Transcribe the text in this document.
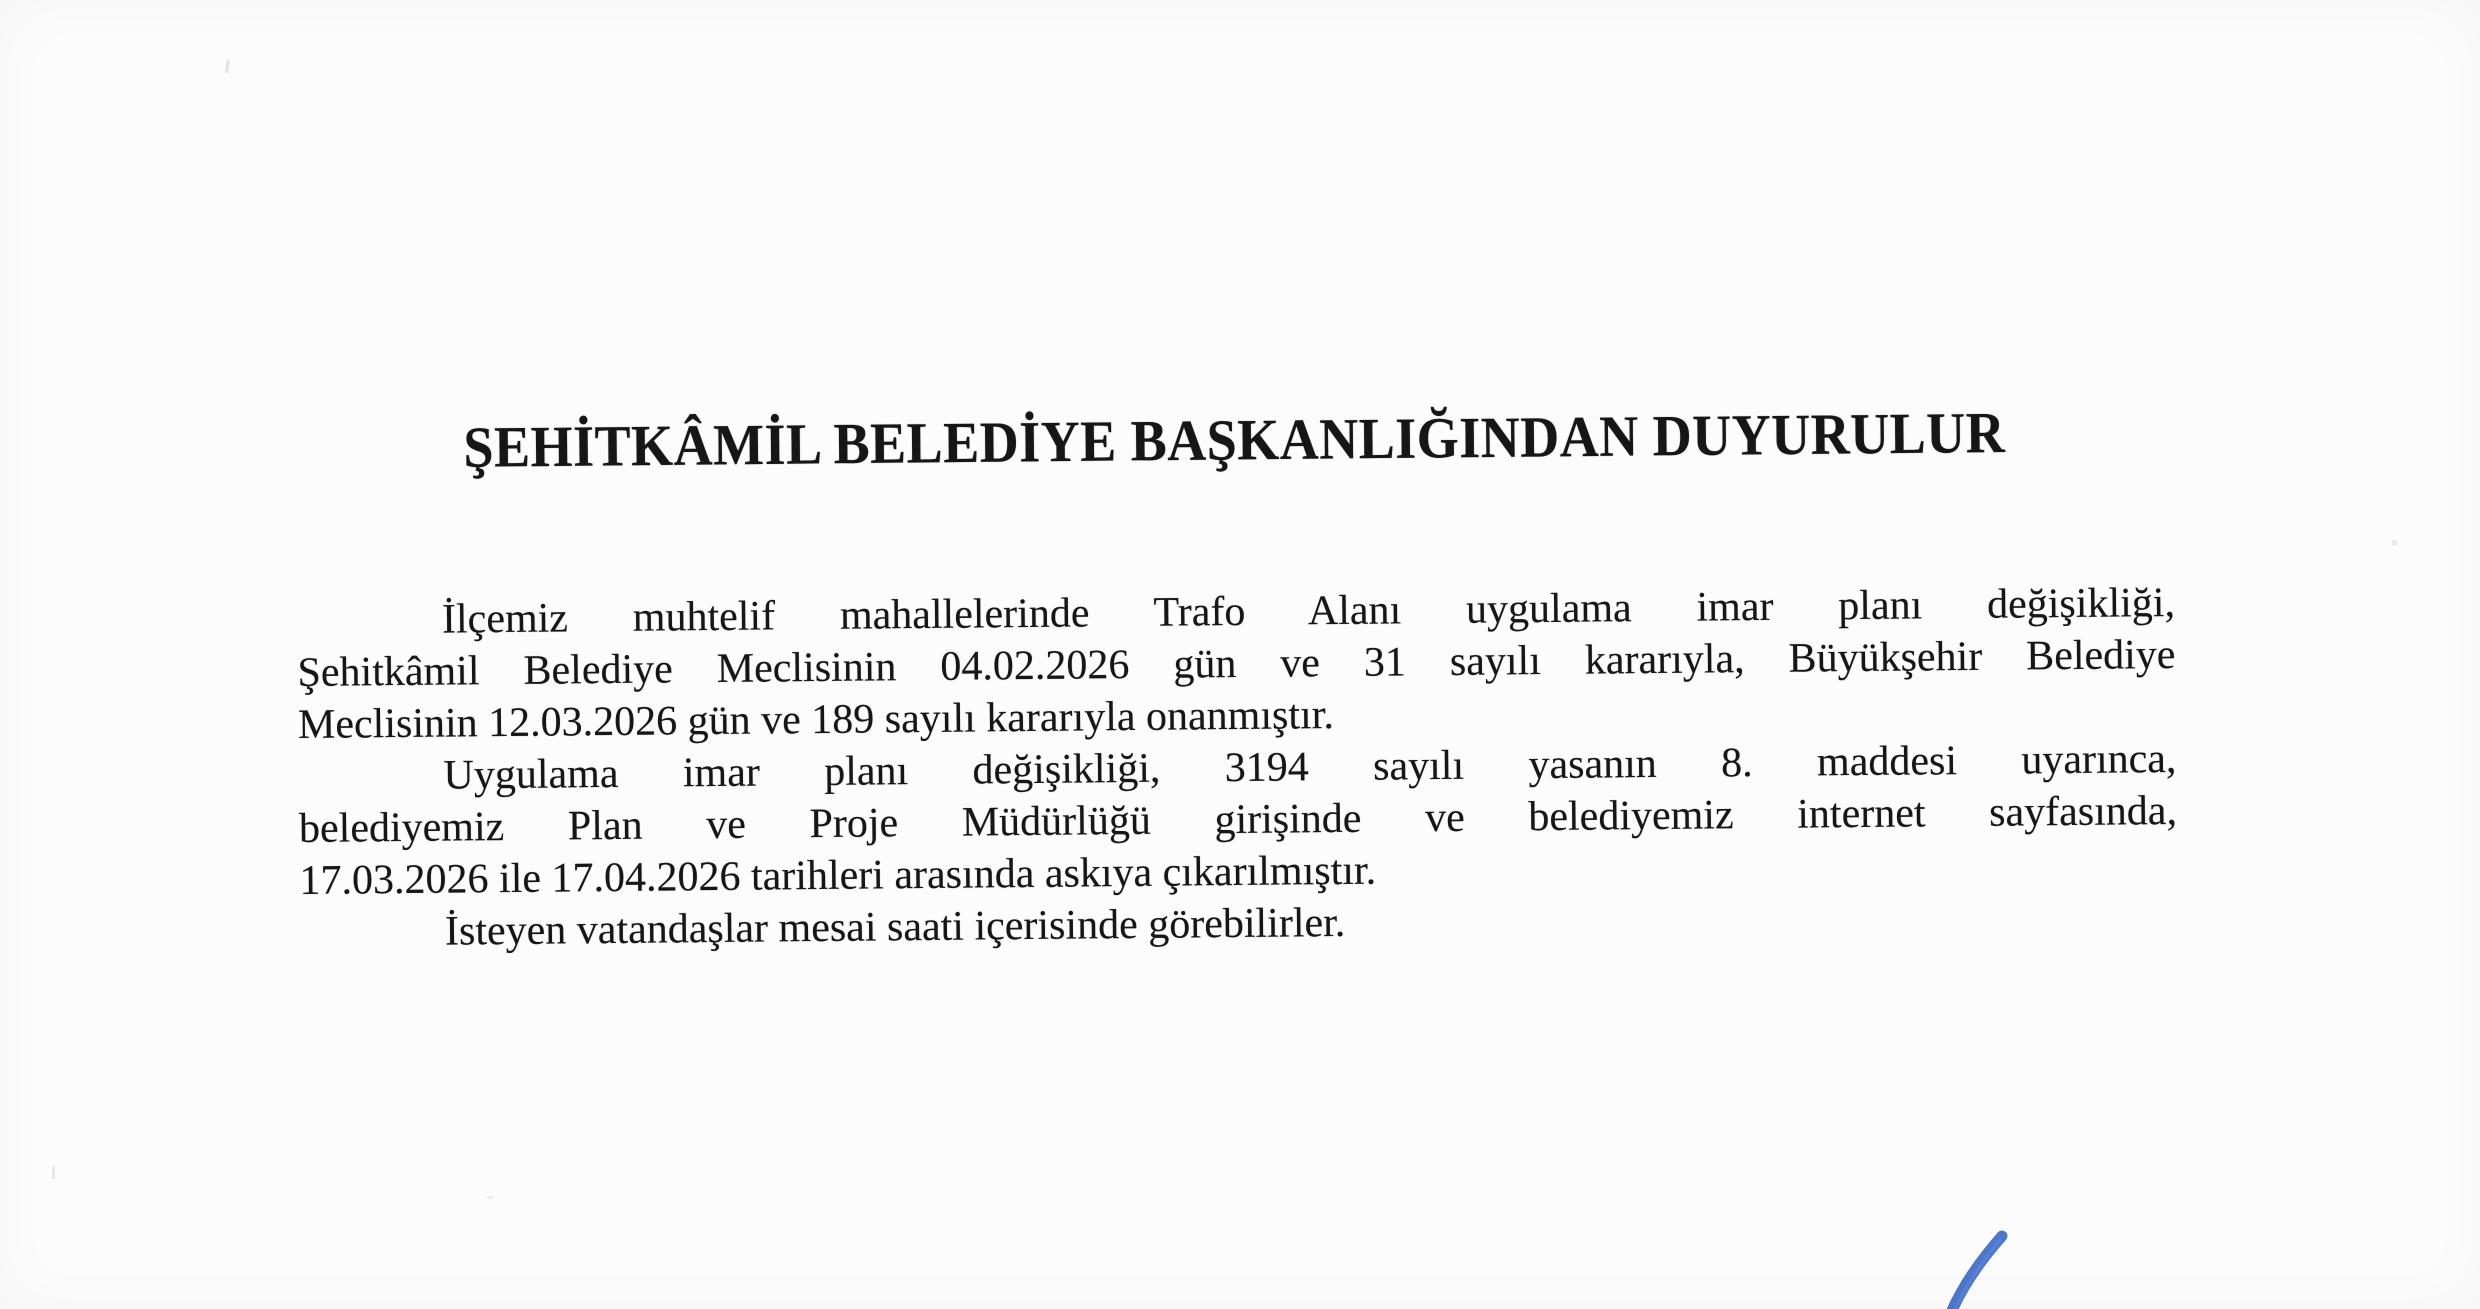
ŞEHİTKÂMİL BELEDİYE BAŞKANLIĞINDAN DUYURULUR
İlçemiz muhtelif mahallelerinde Trafo Alanı uygulama imar planı değişikliği,
Şehitkâmil Belediye Meclisinin 04.02.2026 gün ve 31 sayılı kararıyla, Büyükşehir Belediye
Meclisinin 12.03.2026 gün ve 189 sayılı kararıyla onanmıştır.
Uygulama imar planı değişikliği, 3194 sayılı yasanın 8. maddesi uyarınca,
belediyemiz Plan ve Proje Müdürlüğü girişinde ve belediyemiz internet sayfasında,
17.03.2026 ile 17.04.2026 tarihleri arasında askıya çıkarılmıştır.
İsteyen vatandaşlar mesai saati içerisinde görebilirler.
